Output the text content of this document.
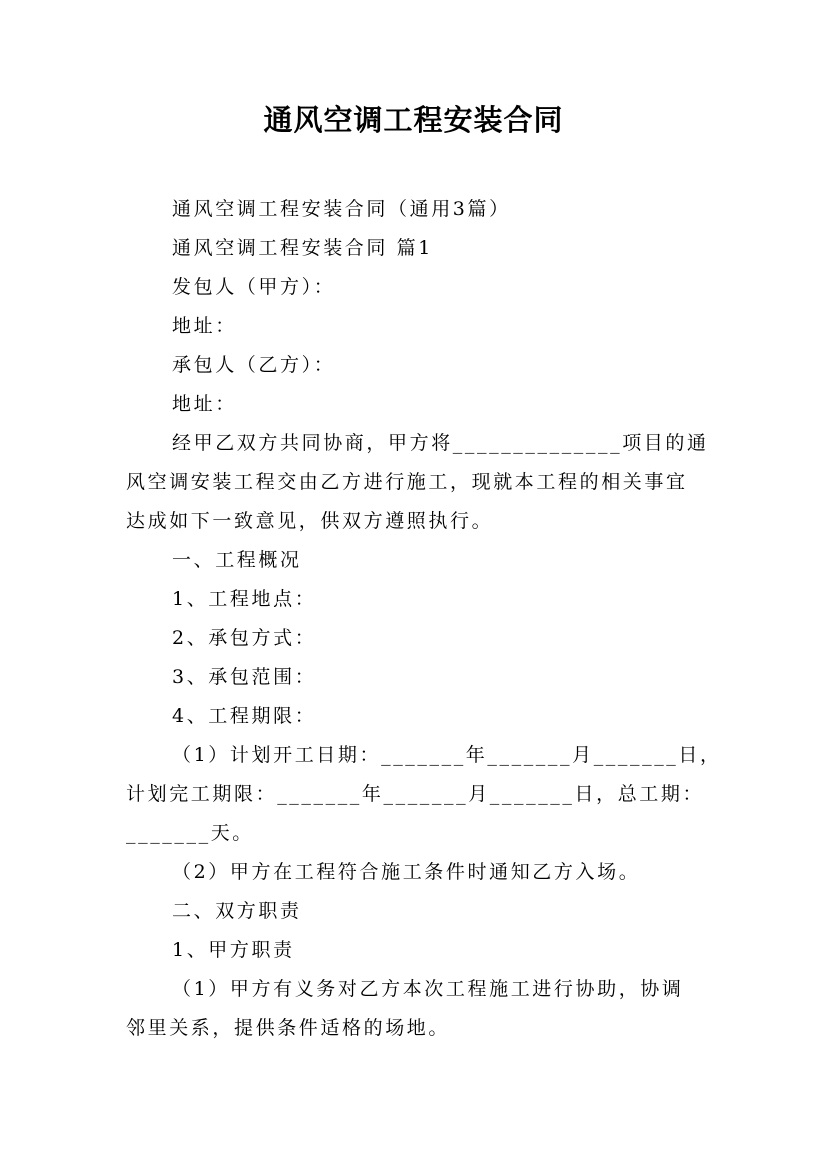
通风空调工程安装合同
通风空调工程安装合同（通用3篇）
通风空调工程安装合同 篇1
发包人（甲方）：
地址：
承包人（乙方）：
地址：
经甲乙双方共同协商，甲方将______________项目的通
风空调安装工程交由乙方进行施工，现就本工程的相关事宜
达成如下一致意见，供双方遵照执行。
一、工程概况
1、工程地点：
2、承包方式：
3、承包范围：
4、工程期限：
（1）计划开工日期：_______年_______月_______日，
计划完工期限：_______年_______月_______日，总工期：
_______天。
（2）甲方在工程符合施工条件时通知乙方入场。
二、双方职责
1、甲方职责
（1）甲方有义务对乙方本次工程施工进行协助，协调
邻里关系，提供条件适格的场地。
